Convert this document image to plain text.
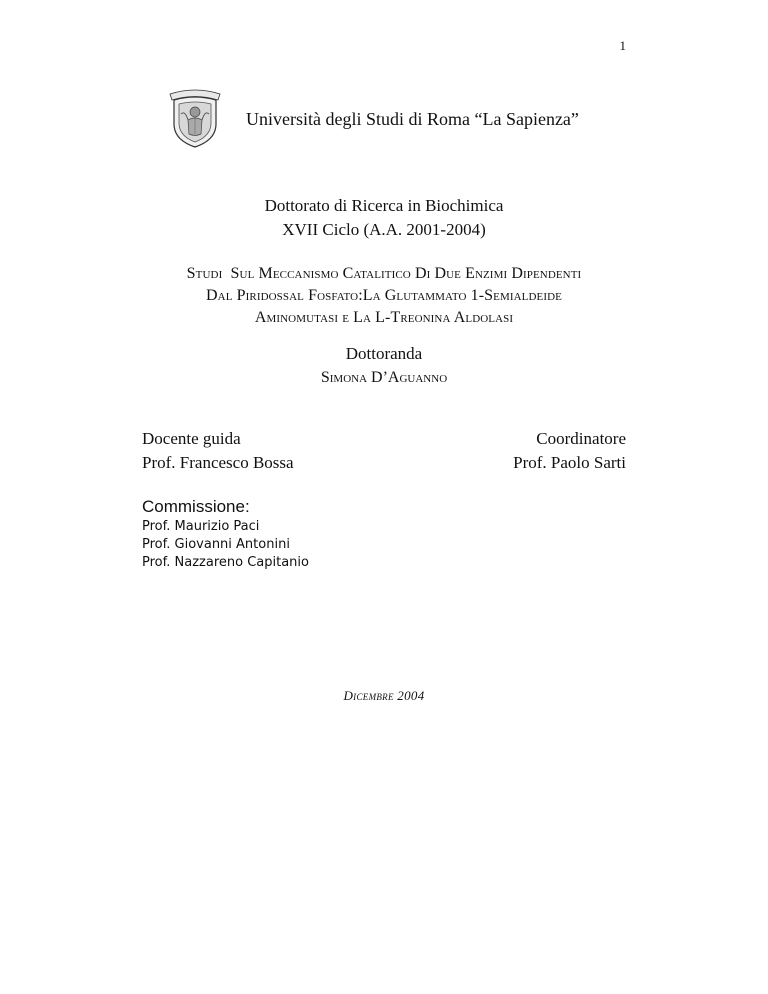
1
Università degli Studi di Roma “La Sapienza”
Dottorato di Ricerca in Biochimica
XVII Ciclo (A.A. 2001-2004)
Studi  Sul Meccanismo Catalitico Di Due Enzimi Dipendenti
Dal Piridossal Fosfato:La Glutammato 1-Semialdeide
Aminomutasi e La L-Treonina Aldolasi
Dottoranda
Simona D’Aguanno
Docente guida
Prof. Francesco Bossa
Coordinatore
Prof. Paolo Sarti
Commissione:
Prof. Maurizio Paci
Prof. Giovanni Antonini
Prof. Nazzareno Capitanio
Dicembre 2004
